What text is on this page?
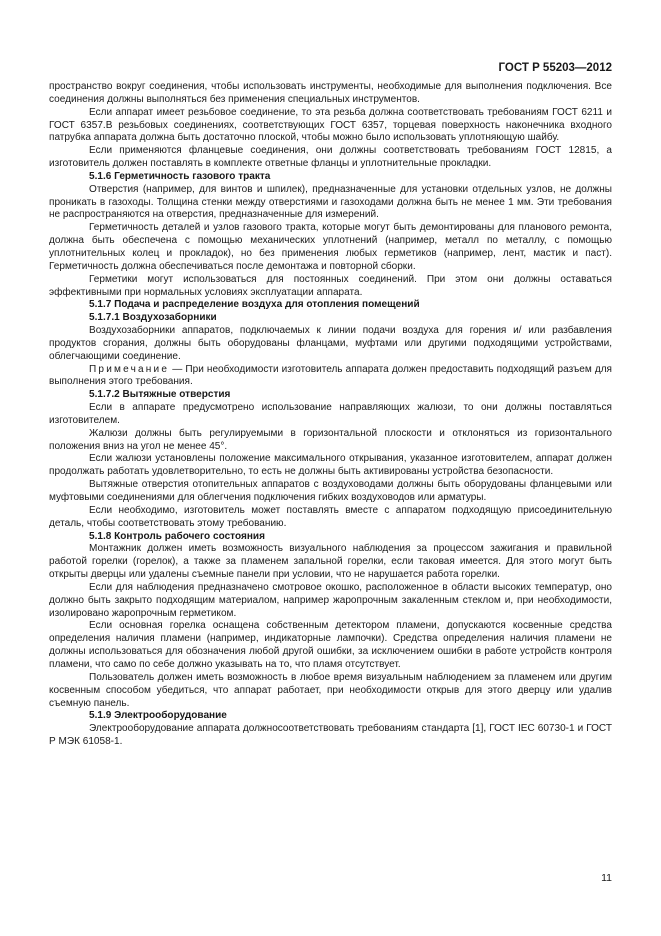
ГОСТ Р 55203—2012

пространство вокруг соединения, чтобы использовать инструменты, необходимые для выполнения подключения. Все соединения должны выполняться без применения специальных инструментов.

Если аппарат имеет резьбовое соединение, то эта резьба должна соответствовать требованиям ГОСТ 6211 и ГОСТ 6357.В резьбовых соединениях, соответствующих ГОСТ 6357, торцевая поверхность наконечника входного патрубка аппарата должна быть достаточно плоской, чтобы можно было использовать уплотняющую шайбу.

Если применяются фланцевые соединения, они должны соответствовать требованиям ГОСТ 12815, а изготовитель должен поставлять в комплекте ответные фланцы и уплотнительные прокладки.

5.1.6 Герметичность газового тракта

Отверстия (например, для винтов и шпилек), предназначенные для установки отдельных узлов, не должны проникать в газоходы. Толщина стенки между отверстиями и газоходами должна быть не менее 1 мм. Эти требования не распространяются на отверстия, предназначенные для измерений.

Герметичность деталей и узлов газового тракта, которые могут быть демонтированы для планового ремонта, должна быть обеспечена с помощью механических уплотнений (например, металл по металлу, с помощью уплотнительных колец и прокладок), но без применения любых герметиков (например, лент, мастик и паст). Герметичность должна обеспечиваться после демонтажа и повторной сборки.

Герметики могут использоваться для постоянных соединений. При этом они должны оставаться эффективными при нормальных условиях эксплуатации аппарата.

5.1.7 Подача и распределение воздуха для отопления помещений
5.1.7.1 Воздухозаборники

Воздухозаборники аппаратов, подключаемых к линии подачи воздуха для горения и/ или разбавления продуктов сгорания, должны быть оборудованы фланцами, муфтами или другими подходящими устройствами, облегчающими соединение.

Примечание — При необходимости изготовитель аппарата должен предоставить подходящий разъем для выполнения этого требования.

5.1.7.2 Вытяжные отверстия

Если в аппарате предусмотрено использование направляющих жалюзи, то они должны поставляться изготовителем.

Жалюзи должны быть регулируемыми в горизонтальной плоскости и отклоняться из горизонтального положения вниз на угол не менее 45°.

Если жалюзи установлены положение максимального открывания, указанное изготовителем, аппарат должен продолжать работать удовлетворительно, то есть не должны быть активированы устройства безопасности.

Вытяжные отверстия отопительных аппаратов с воздуховодами должны быть оборудованы фланцевыми или муфтовыми соединениями для облегчения подключения гибких воздуховодов или арматуры.

Если необходимо, изготовитель может поставлять вместе с аппаратом подходящую присоединительную деталь, чтобы соответствовать этому требованию.

5.1.8 Контроль рабочего состояния

Монтажник должен иметь возможность визуального наблюдения за процессом зажигания и правильной работой горелки (горелок), а также за пламенем запальной горелки, если таковая имеется. Для этого могут быть открыты дверцы или удалены съемные панели при условии, что не нарушается работа горелки.

Если для наблюдения предназначено смотровое окошко, расположенное в области высоких температур, оно должно быть закрыто подходящим материалом, например жаропрочным закаленным стеклом и, при необходимости, изолировано жаропрочным герметиком.

Если основная горелка оснащена собственным детектором пламени, допускаются косвенные средства определения наличия пламени (например, индикаторные лампочки). Средства определения наличия пламени не должны использоваться для обозначения любой другой ошибки, за исключением ошибки в работе устройств контроля пламени, что само по себе должно указывать на то, что пламя отсутствует.

Пользователь должен иметь возможность в любое время визуальным наблюдением за пламенем или другим косвенным способом убедиться, что аппарат работает, при необходимости открыв для этого дверцу или удалив съемную панель.

5.1.9 Электрооборудование

Электрооборудование аппарата должносоответствовать требованиям стандарта [1], ГОСТ IEC 60730-1 и ГОСТ Р МЭК 61058-1.

11
